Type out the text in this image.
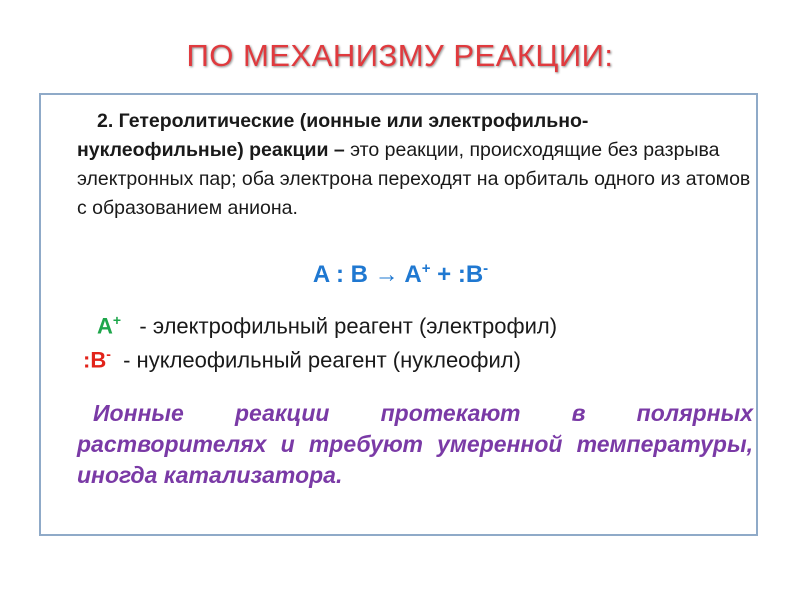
ПО МЕХАНИЗМУ РЕАКЦИИ:
2. Гетеролитические (ионные или электрофильно-нуклеофильные) реакции – это реакции, происходящие без разрыва электронных пар; оба электрона переходят на орбиталь одного из атомов с образованием аниона.
A : B → A+ + :B-
A+   - электрофильный реагент (электрофил)
:B-  - нуклеофильный реагент (нуклеофил)
Ионные реакции протекают в полярных растворителях и требуют умеренной температуры, иногда катализатора.
